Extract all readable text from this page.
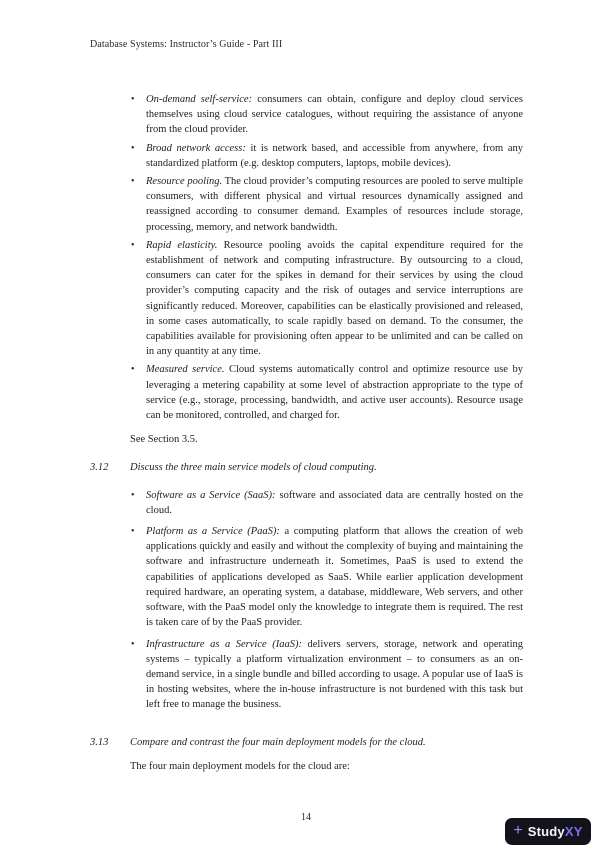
Database Systems: Instructor’s Guide - Part III
•	On-demand self-service: consumers can obtain, configure and deploy cloud services themselves using cloud service catalogues, without requiring the assistance of anyone from the cloud provider.

•	Broad network access: it is network based, and accessible from anywhere, from any standardized platform (e.g. desktop computers, laptops, mobile devices).

•	Resource pooling. The cloud provider’s computing resources are pooled to serve multiple consumers, with different physical and virtual resources dynamically assigned and reassigned according to consumer demand. Examples of resources include storage, processing, memory, and network bandwidth.

•	Rapid elasticity. Resource pooling avoids the capital expenditure required for the establishment of network and computing infrastructure. By outsourcing to a cloud, consumers can cater for the spikes in demand for their services by using the cloud provider’s computing capacity and the risk of outages and service interruptions are significantly reduced. Moreover, capabilities can be elastically provisioned and released, in some cases automatically, to scale rapidly based on demand. To the consumer, the capabilities available for provisioning often appear to be unlimited and can be called on in any quantity at any time.

•	Measured service. Cloud systems automatically control and optimize resource use by leveraging a metering capability at some level of abstraction appropriate to the type of service (e.g., storage, processing, bandwidth, and active user accounts). Resource usage can be monitored, controlled, and charged for.

See Section 3.5.
3.12	Discuss the three main service models of cloud computing.
•	Software as a Service (SaaS): software and associated data are centrally hosted on the cloud.

•	Platform as a Service (PaaS): a computing platform that allows the creation of web applications quickly and easily and without the complexity of buying and maintaining the software and infrastructure underneath it. Sometimes, PaaS is used to extend the capabilities of applications developed as SaaS. While earlier application development required hardware, an operating system, a database, middleware, Web servers, and other software, with the PaaS model only the knowledge to integrate them is required. The rest is taken care of by the PaaS provider.

•	Infrastructure as a Service (IaaS): delivers servers, storage, network and operating systems – typically a platform virtualization environment – to consumers as an on-demand service, in a single bundle and billed according to usage. A popular use of IaaS is in hosting websites, where the in-house infrastructure is not burdened with this task but left free to manage the business.

3.13	Compare and contrast the four main deployment models for the cloud.
The four main deployment models for the cloud are:
14
+ Study XY
